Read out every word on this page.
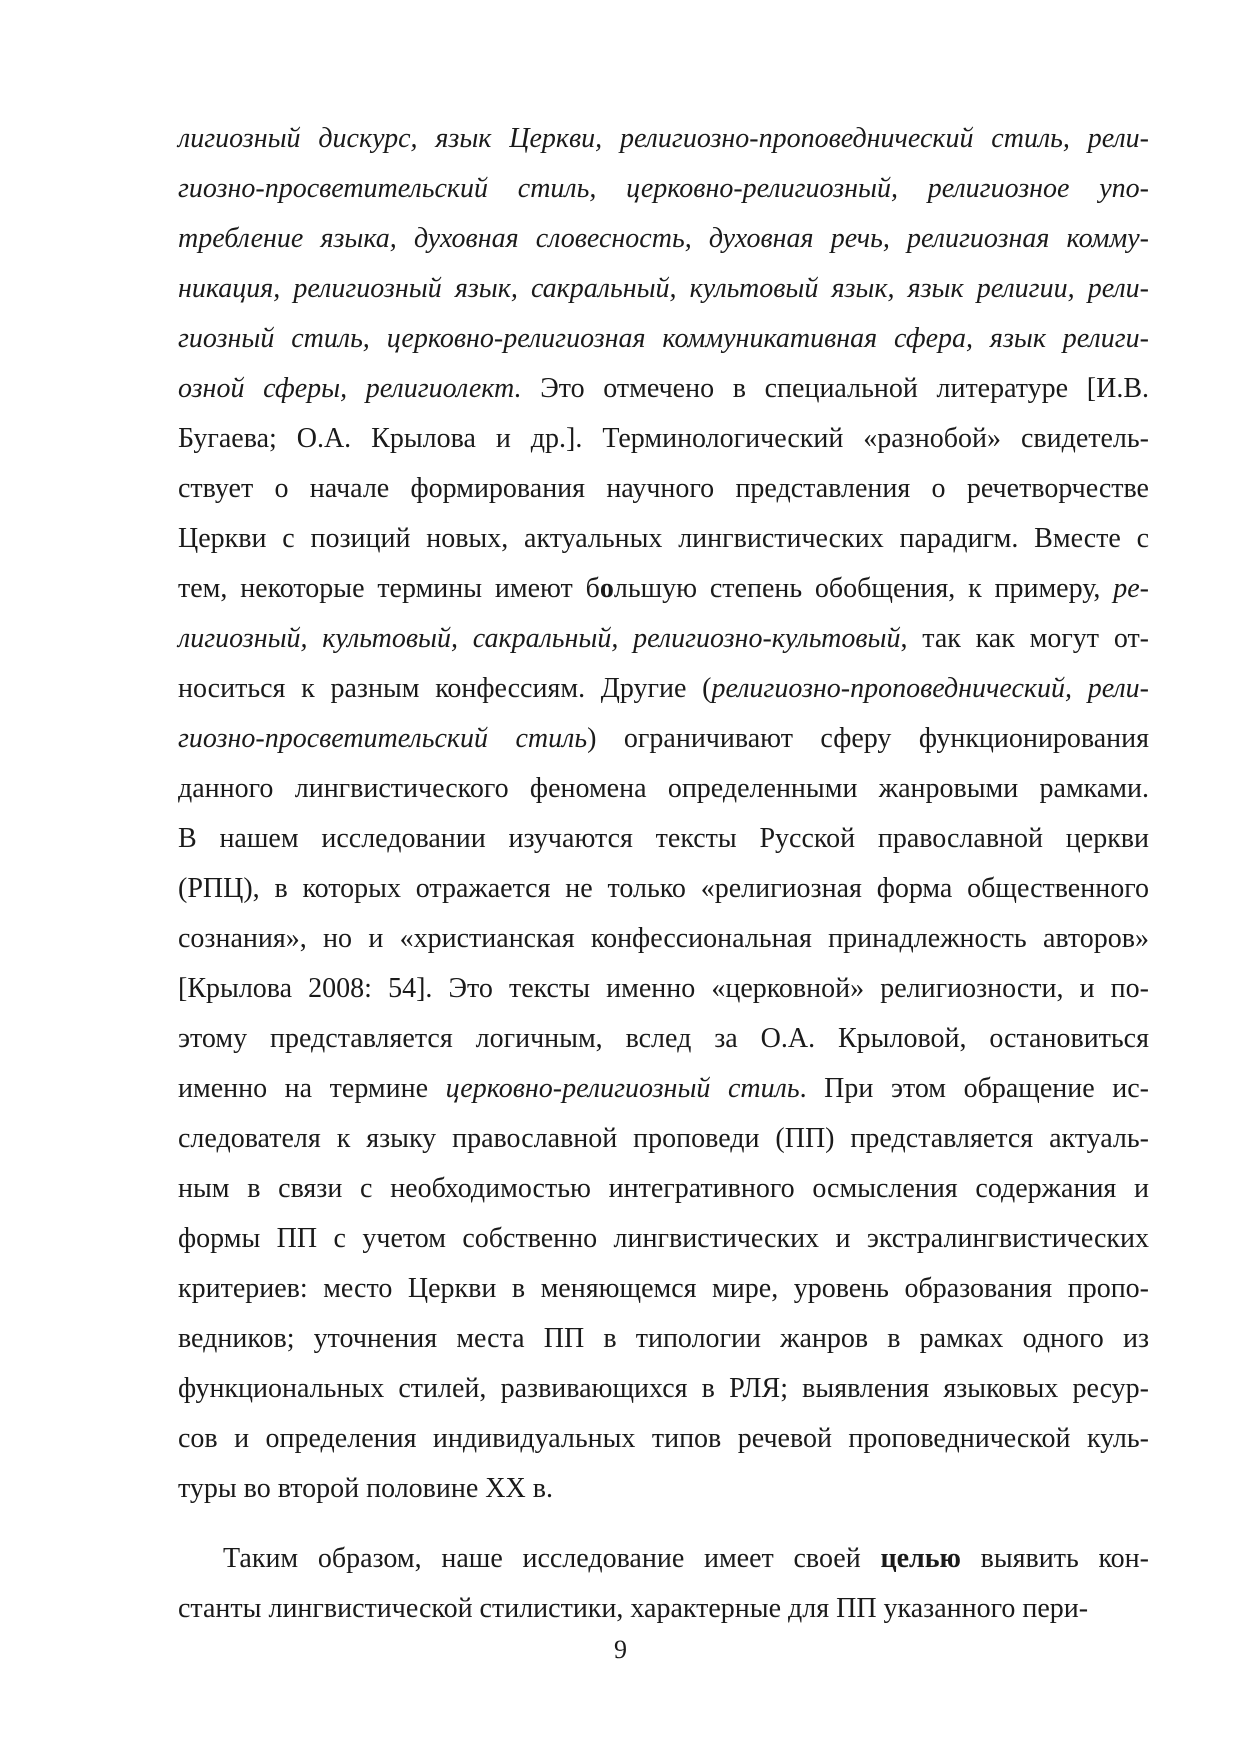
лигиозный дискурс, язык Церкви, религиозно-проповеднический стиль, рели-

гиозно-просветительский стиль, церковно-религиозный, религиозное упо-

требление языка, духовная словесность, духовная речь, религиозная комму-

никация, религиозный язык, сакральный, культовый язык, язык религии, рели-

гиозный стиль, церковно-религиозная коммуникативная сфера, язык религи-

озной сферы, религиолект. Это отмечено в специальной литературе [И.В.

Бугаева; О.А. Крылова и др.]. Терминологический «разнобой» свидетель-

ствует о начале формирования научного представления о речетворчестве

Церкви с позиций новых, актуальных лингвистических парадигм. Вместе с

тем, некоторые термины имеют большую степень обобщения, к примеру, ре-

лигиозный, культовый, сакральный, религиозно-культовый, так как могут от-

носиться к разным конфессиям. Другие (религиозно-проповеднический, рели-

гиозно-просветительский стиль) ограничивают сферу функционирования

данного лингвистического феномена определенными жанровыми рамками.

В нашем исследовании изучаются тексты Русской православной церкви

(РПЦ), в которых отражается не только «религиозная форма общественного

сознания», но и «христианская конфессиональная принадлежность авторов»

[Крылова 2008: 54]. Это тексты именно «церковной» религиозности, и по-

этому представляется логичным, вслед за О.А. Крыловой, остановиться

именно на термине церковно-религиозный стиль. При этом обращение ис-

следователя к языку православной проповеди (ПП) представляется актуаль-

ным в связи с необходимостью интегративного осмысления содержания и

формы ПП с учетом собственно лингвистических и экстралингвистических

критериев: место Церкви в меняющемся мире, уровень образования пропо-

ведников; уточнения места ПП в типологии жанров в рамках одного из

функциональных стилей, развивающихся в РЛЯ; выявления языковых ресур-

сов и определения индивидуальных типов речевой проповеднической куль-

туры во второй половине XX в.

Таким образом, наше исследование имеет своей целью выявить кон-

станты лингвистической стилистики, характерные для ПП указанного пери-

9
